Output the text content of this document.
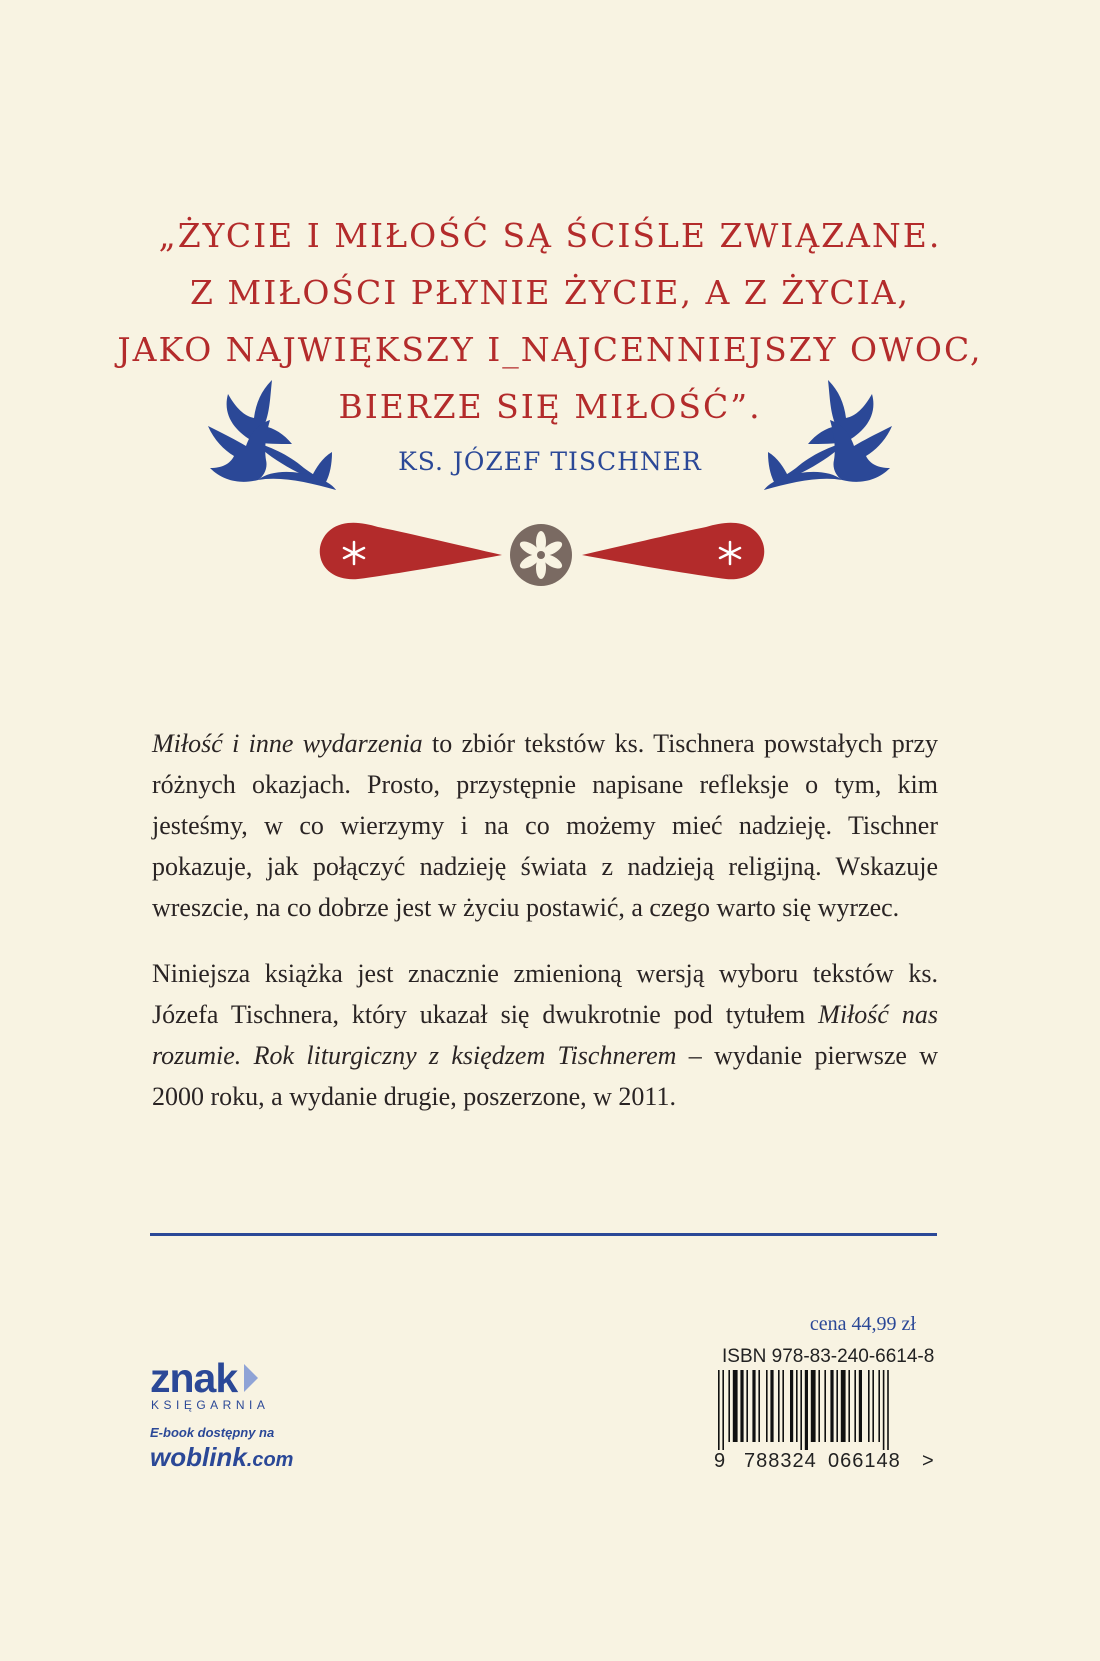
„ŻYCIE I MIŁOŚĆ SĄ ŚCIŚLE ZWIĄZANE.
Z MIŁOŚCI PŁYNIE ŻYCIE, A Z ŻYCIA,
JAKO NAJWIĘKSZY I_NAJCENNIEJSZY OWOC,
BIERZE SIĘ MIŁOŚĆ”.
KS. JÓZEF TISCHNER
Miłość i inne wydarzenia to zbiór tekstów ks. Tischnera powstałych przy różnych okazjach. Prosto, przystępnie napisane refleksje o tym, kim jesteśmy, w co wierzymy i na co możemy mieć nadzieję. Tischner pokazuje, jak połączyć nadzieję świata z nadzieją religijną. Wskazuje wreszcie, na co dobrze jest w życiu postawić, a czego warto się wyrzec.
Niniejsza książka jest znacznie zmienioną wersją wyboru tekstów ks. Józefa Tischnera, który ukazał się dwukrotnie pod tytułem Miłość nas rozumie. Rok liturgiczny z księdzem Tischnerem – wydanie pierwsze w 2000 roku, a wydanie drugie, poszerzone, w 2011.
cena 44,99 zł
ISBN 978-83-240-6614-8
9 788324 066148 >
znak
KSIĘGARNIA
E-book dostępny na
woblink.com
